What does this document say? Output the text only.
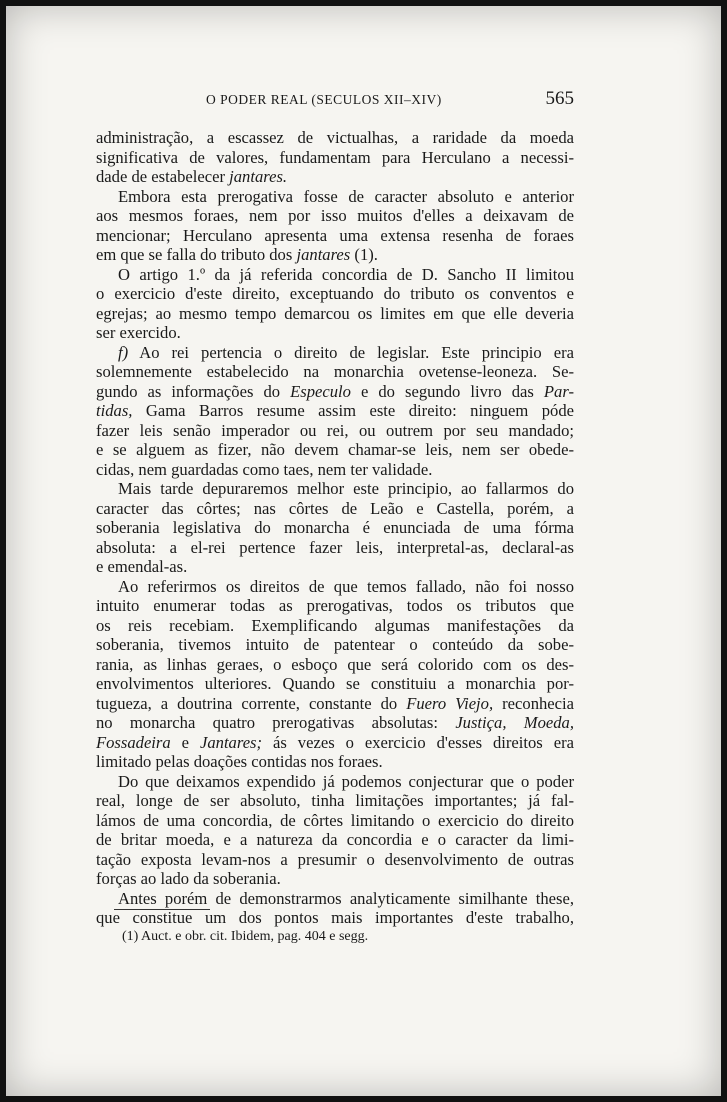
O PODER REAL (SECULOS XII–XIV)	565
administração, a escassez de victualhas, a raridade da moeda
significativa de valores, fundamentam para Herculano a necessi-
dade de estabelecer jantares.
Embora esta prerogativa fosse de caracter absoluto e anterior
aos mesmos foraes, nem por isso muitos d'elles a deixavam de
mencionar; Herculano apresenta uma extensa resenha de foraes
em que se falla do tributo dos jantares (1).
O artigo 1.º da já referida concordia de D. Sancho II limitou
o exercicio d'este direito, exceptuando do tributo os conventos e
egrejas; ao mesmo tempo demarcou os limites em que elle deveria
ser exercido.
f) Ao rei pertencia o direito de legislar. Este principio era
solemnemente estabelecido na monarchia ovetense-leoneza. Se-
gundo as informações do Especulo e do segundo livro das Par-
tidas, Gama Barros resume assim este direito: ninguem póde
fazer leis senão imperador ou rei, ou outrem por seu mandado;
e se alguem as fizer, não devem chamar-se leis, nem ser obede-
cidas, nem guardadas como taes, nem ter validade.
Mais tarde depuraremos melhor este principio, ao fallarmos do
caracter das côrtes; nas côrtes de Leão e Castella, porém, a
soberania legislativa do monarcha é enunciada de uma fórma
absoluta: a el-rei pertence fazer leis, interpretal-as, declaral-as
e emendal-as.
Ao referirmos os direitos de que temos fallado, não foi nosso
intuito enumerar todas as prerogativas, todos os tributos que
os reis recebiam. Exemplificando algumas manifestações da
soberania, tivemos intuito de patentear o conteúdo da sobe-
rania, as linhas geraes, o esboço que será colorido com os des-
envolvimentos ulteriores. Quando se constituiu a monarchia por-
tugueza, a doutrina corrente, constante do Fuero Viejo, reconhecia
no monarcha quatro prerogativas absolutas: Justiça, Moeda,
Fossadeira e Jantares; ás vezes o exercicio d'esses direitos era
limitado pelas doações contidas nos foraes.
Do que deixamos expendido já podemos conjecturar que o poder
real, longe de ser absoluto, tinha limitações importantes; já fal-
lámos de uma concordia, de côrtes limitando o exercicio do direito
de britar moeda, e a natureza da concordia e o caracter da limi-
tação exposta levam-nos a presumir o desenvolvimento de outras
forças ao lado da soberania.
Antes porém de demonstrarmos analyticamente similhante these,
que constitue um dos pontos mais importantes d'este trabalho,
(1) Auct. e obr. cit. Ibidem, pag. 404 e segg.
